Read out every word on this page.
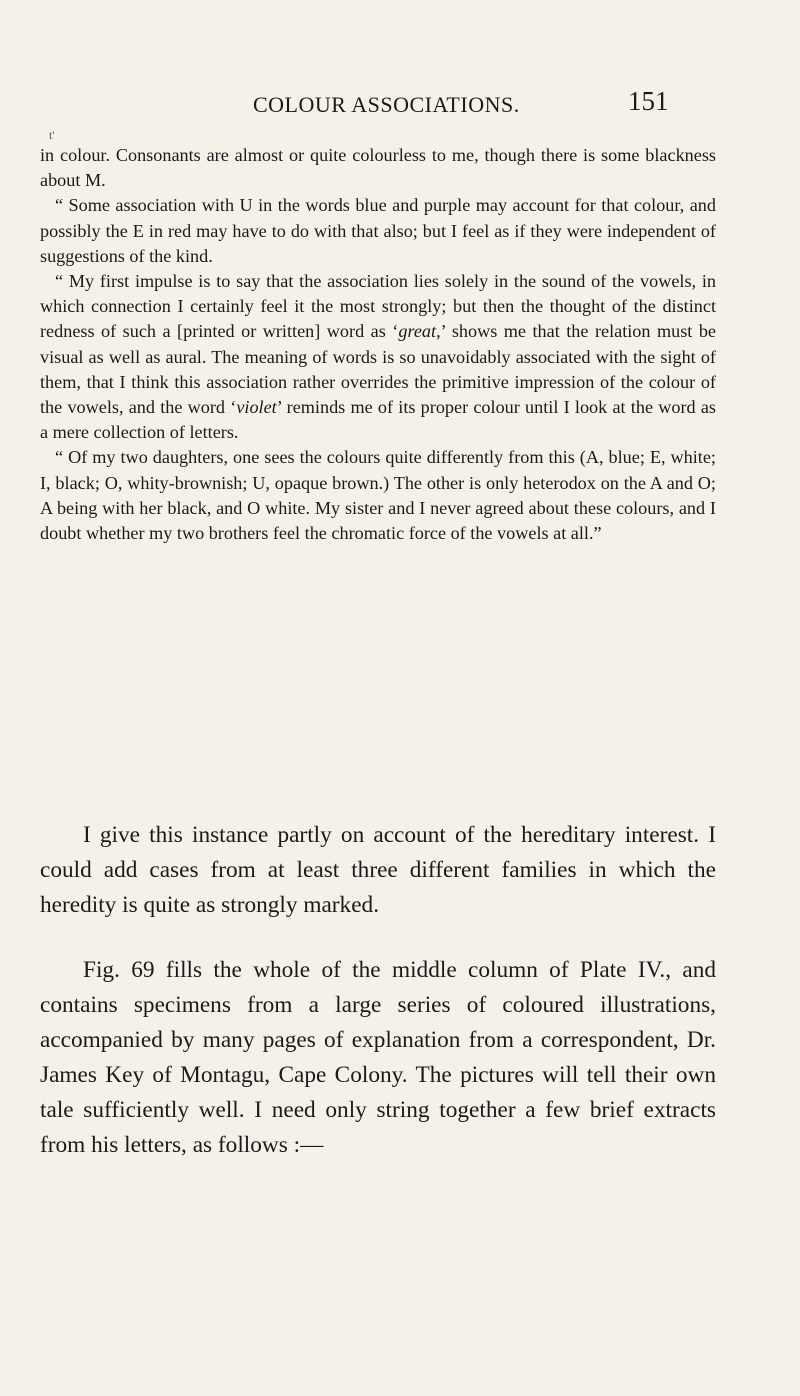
COLOUR ASSOCIATIONS.	151
t'

in colour. Consonants are almost or quite colourless to me, though there is some blackness about M.

“ Some association with U in the words blue and purple may account for that colour, and possibly the E in red may have to do with that also; but I feel as if they were independent of suggestions of the kind.

“ My first impulse is to say that the association lies solely in the sound of the vowels, in which connection I certainly feel it the most strongly; but then the thought of the distinct redness of such a [printed or written] word as ‘great,’ shows me that the relation must be visual as well as aural. The meaning of words is so unavoidably associated with the sight of them, that I think this association rather overrides the primitive impression of the colour of the vowels, and the word ‘violet’ reminds me of its proper colour until I look at the word as a mere collection of letters.

“ Of my two daughters, one sees the colours quite differently from this (A, blue; E, white; I, black; O, whity-brownish; U, opaque brown.) The other is only heterodox on the A and O; A being with her black, and O white. My sister and I never agreed about these colours, and I doubt whether my two brothers feel the chromatic force of the vowels at all.”

I give this instance partly on account of the hereditary interest. I could add cases from at least three different families in which the heredity is quite as strongly marked.

Fig. 69 fills the whole of the middle column of Plate IV., and contains specimens from a large series of coloured illustrations, accompanied by many pages of explanation from a correspondent, Dr. James Key of Montagu, Cape Colony. The pictures will tell their own tale sufficiently well. I need only string together a few brief extracts from his letters, as follows :—
